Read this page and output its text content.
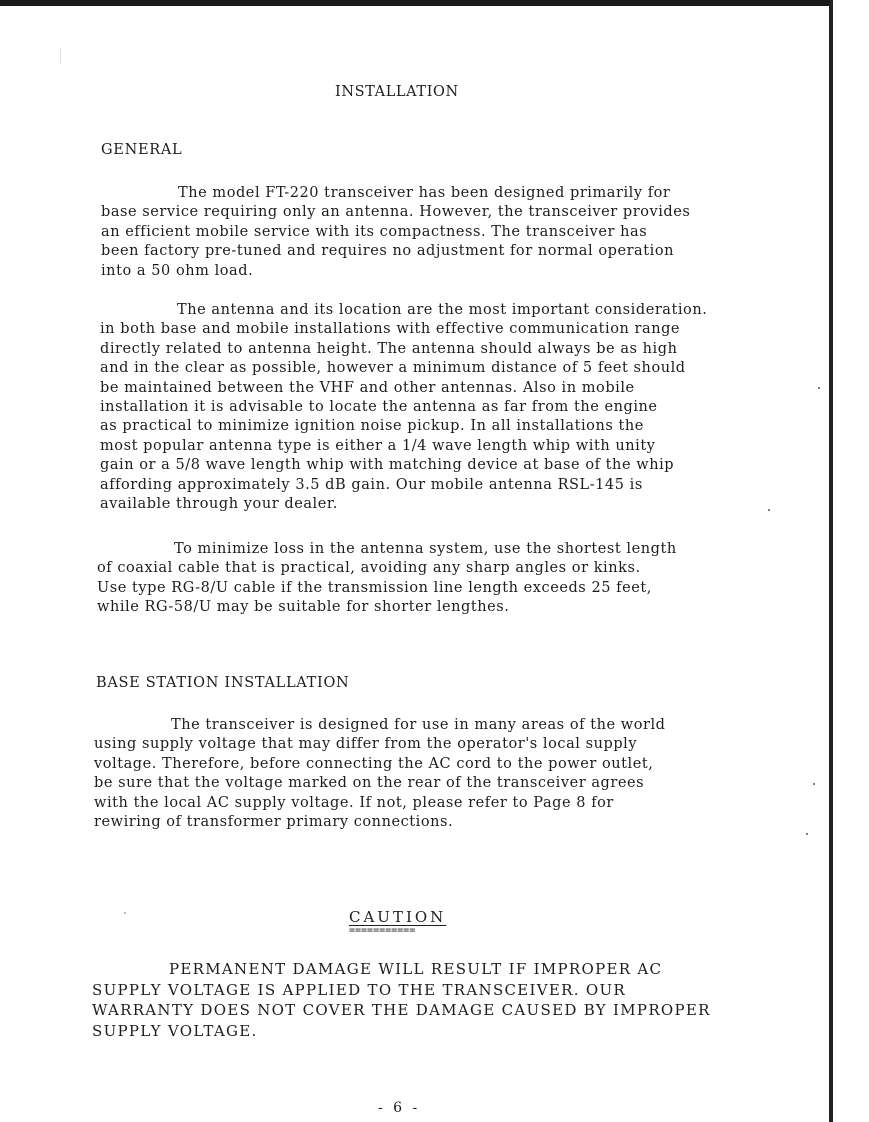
INSTALLATION
GENERAL
The model FT-220 transceiver has been designed primarily for
base service requiring only an antenna. However, the transceiver provides
an efficient mobile service with its compactness. The transceiver has
been factory pre-tuned and requires no adjustment for normal operation
into a 50 ohm load.
The antenna and its location are the most important consideration.
in both base and mobile installations with effective communication range
directly related to antenna height. The antenna should always be as high
and in the clear as possible, however a minimum distance of 5 feet should
be maintained between the VHF and other antennas. Also in mobile
installation it is advisable to locate the antenna as far from the engine
as practical to minimize ignition noise pickup. In all installations the
most popular antenna type is either a 1/4 wave length whip with unity
gain or a 5/8 wave length whip with matching device at base of the whip
affording approximately 3.5 dB gain. Our mobile antenna RSL-145 is
available through your dealer.
To minimize loss in the antenna system, use the shortest length
of coaxial cable that is practical, avoiding any sharp angles or kinks.
Use type RG-8/U cable if the transmission line length exceeds 25 feet,
while RG-58/U may be suitable for shorter lengthes.
BASE STATION INSTALLATION
The transceiver is designed for use in many areas of the world
using supply voltage that may differ from the operator's local supply
voltage. Therefore, before connecting the AC cord to the power outlet,
be sure that the voltage marked on the rear of the transceiver agrees
with the local AC supply voltage. If not, please refer to Page 8 for
rewiring of transformer primary connections.
CAUTION
===========
PERMANENT DAMAGE WILL RESULT IF IMPROPER AC
SUPPLY VOLTAGE IS APPLIED TO THE TRANSCEIVER. OUR
WARRANTY DOES NOT COVER THE DAMAGE CAUSED BY IMPROPER
SUPPLY VOLTAGE.
- 6 -
